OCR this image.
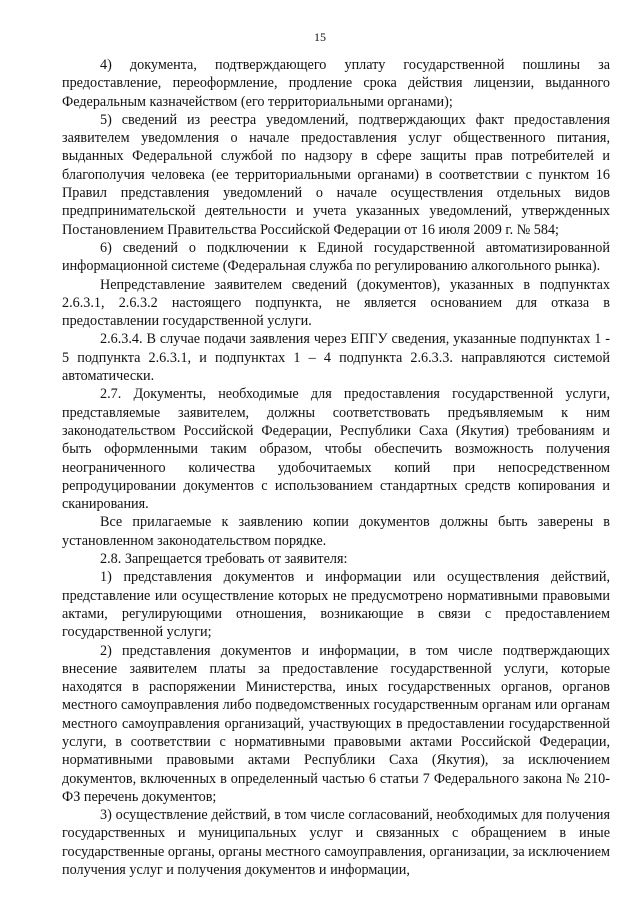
15

4) документа, подтверждающего уплату государственной пошлины за предоставление, переоформление, продление срока действия лицензии, выданного Федеральным казначейством (его территориальными органами);

5) сведений из реестра уведомлений, подтверждающих факт предоставления заявителем уведомления о начале предоставления услуг общественного питания, выданных Федеральной службой по надзору в сфере защиты прав потребителей и благополучия человека (ее территориальными органами) в соответствии с пунктом 16 Правил представления уведомлений о начале осуществления отдельных видов предпринимательской деятельности и учета указанных уведомлений, утвержденных Постановлением Правительства Российской Федерации от 16 июля 2009 г. № 584;

6) сведений о подключении к Единой государственной автоматизированной информационной системе (Федеральная служба по регулированию алкогольного рынка).

Непредставление заявителем сведений (документов), указанных в подпунктах 2.6.3.1, 2.6.3.2 настоящего подпункта, не является основанием для отказа в предоставлении государственной услуги.

2.6.3.4. В случае подачи заявления через ЕПГУ сведения, указанные подпунктах 1 - 5 подпункта 2.6.3.1, и подпунктах 1 – 4 подпункта 2.6.3.3. направляются системой автоматически.

2.7. Документы, необходимые для предоставления государственной услуги, представляемые заявителем, должны соответствовать предъявляемым к ним законодательством Российской Федерации, Республики Саха (Якутия) требованиям и быть оформленными таким образом, чтобы обеспечить возможность получения неограниченного количества удобочитаемых копий при непосредственном репродуцировании документов с использованием стандартных средств копирования и сканирования.

Все прилагаемые к заявлению копии документов должны быть заверены в установленном законодательством порядке.

2.8. Запрещается требовать от заявителя:

1) представления документов и информации или осуществления действий, представление или осуществление которых не предусмотрено нормативными правовыми актами, регулирующими отношения, возникающие в связи с предоставлением государственной услуги;

2) представления документов и информации, в том числе подтверждающих внесение заявителем платы за предоставление государственной услуги, которые находятся в распоряжении Министерства, иных государственных органов, органов местного самоуправления либо подведомственных государственным органам или органам местного самоуправления организаций, участвующих в предоставлении государственной услуги, в соответствии с нормативными правовыми актами Российской Федерации, нормативными правовыми актами Республики Саха (Якутия), за исключением документов, включенных в определенный частью 6 статьи 7 Федерального закона № 210-ФЗ перечень документов;

3) осуществление действий, в том числе согласований, необходимых для получения государственных и муниципальных услуг и связанных с обращением в иные государственные органы, органы местного самоуправления, организации, за исключением получения услуг и получения документов и информации,
